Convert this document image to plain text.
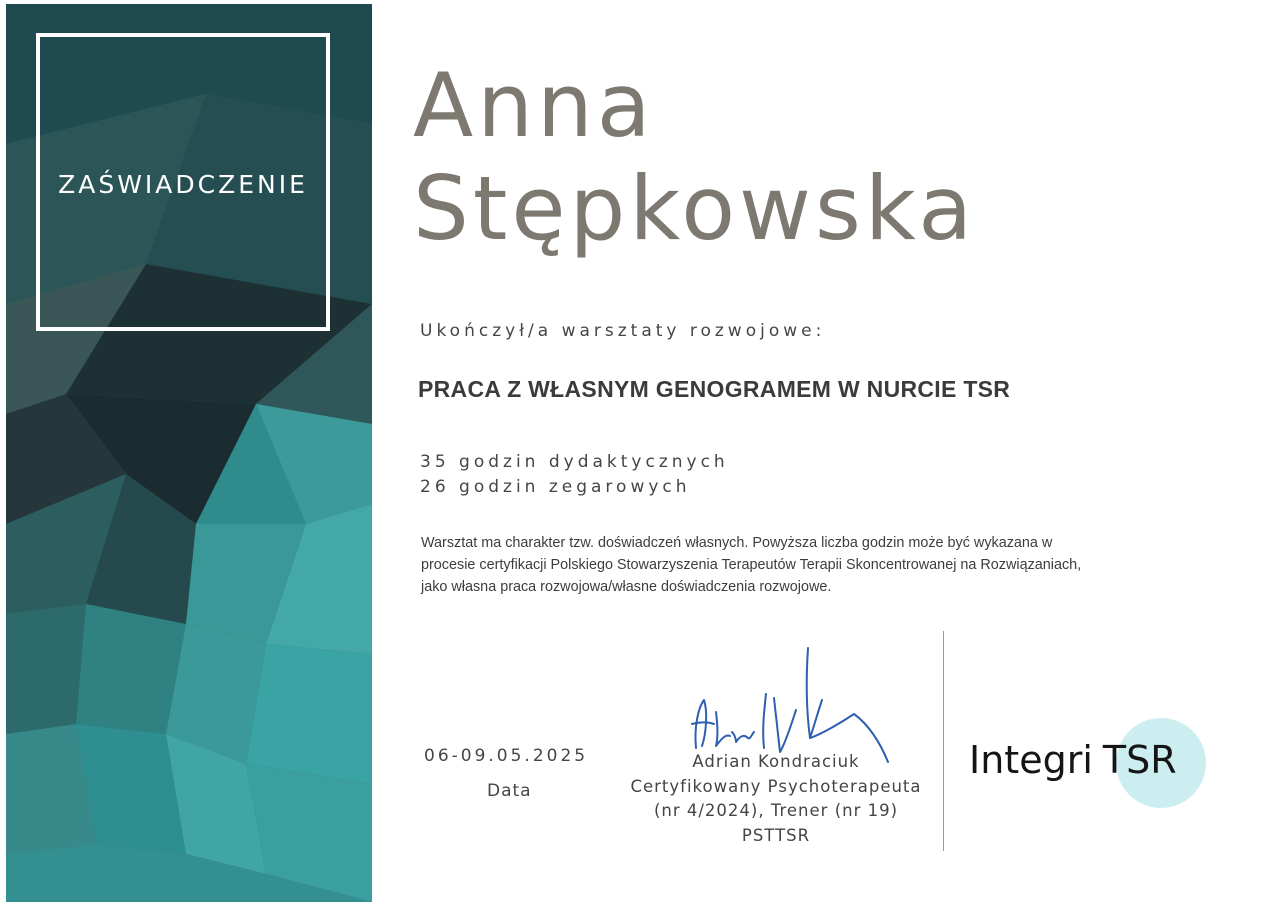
ZAŚWIADCZENIE
Anna
Stępkowska
Ukończył/a warsztaty rozwojowe:
PRACA Z WŁASNYM GENOGRAMEM W NURCIE TSR
35 godzin dydaktycznych
26 godzin zegarowych
Warsztat ma charakter tzw. doświadczeń własnych. Powyższa liczba godzin może być wykazana w
procesie certyfikacji Polskiego Stowarzyszenia Terapeutów Terapii Skoncentrowanej na Rozwiązaniach,
jako własna praca rozwojowa/własne doświadczenia rozwojowe.
06-09.05.2025
Data
Adrian Kondraciuk
Certyfikowany Psychoterapeuta
(nr 4/2024), Trener (nr 19)
PSTTSR
Integri TSR
